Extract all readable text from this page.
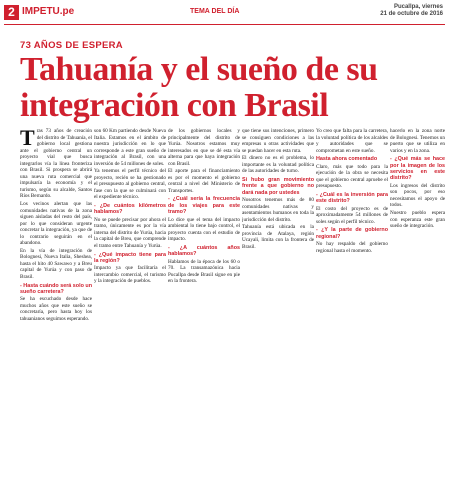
2 IMPETU.pe	TEMA DEL DÍA
Pucallpa, viernes
21 de octubre de 2016
73 AÑOS DE ESPERA
Tahuanía y el sueño de su integración con Brasil

Tras 73 años de creación del distrito de Tahuanía, el gobierno local gestiona ante el gobierno central un proyecto vial que busca integrarlos vía la línea fronteriza con Brasil. Si prospera se abrirá una nueva ruta comercial que impulsaría la economía y el turismo, según su alcalde, Santos Ríos Bernardo.

Los vecinos alertan que las comunidades nativas de la zona siguen aisladas del resto del país, por lo que consideran urgente concretar la integración, ya que de lo contrario seguirán en el abandono.

En la vía de integración de Bolognesi, Nueva Italia, Sheshea, hasta el hito 40 Sawawo y a Breu capital de Yurúa y con paso de Brasil.

- Hasta cuándo será solo un sueño carretera?

Se ha escuchado desde hace muchos años que este sueño se concretaría, pero hasta hoy los tahuanianos seguimos esperando.

son 60 Km partiendo desde Nueva Italia. Estamos en el ámbito de nuestra jurisdicción en lo que corresponde a este gran sueño de integración al Brasil, con una inversión de 54 millones de soles.

Ya tenemos el perfil técnico del proyecto, recién se ha gestionado el presupuesto al gobierno central, fase con la que se culminará con el expediente técnico.

- ¿De cuántos kilómetros hablamos?

No se puede precisar por ahora el tramo, únicamente es por la vía interna del distrito de Yurúa, hacia la capital de Breu, que comprende el tramo entre Tahuanía y Yurúa.

- ¿Qué impacto tiene para la región?

Impacto ya que facilitaría el intercambio comercial, el turismo y la integración de pueblos.

de los gobiernos locales y principalmente del distrito de Yurúa. Nosotros estamos muy interesados en que se dé esta vía alterna para que haya integración con Brasil.

El aporte para el financiamiento es por el momento el gobierno central a nivel del Ministerio de Transportes.

- ¿Cuál sería la frecuencia de los viajes para este tramo?

Lo dice que el tema del impacto ambiental lo tiene bajo control, el proyecto cuenta con el estudio de impacto.

- ¿A cuántos años hablamos?

Hablamos de la época de los 60 o 70. La transamazónica hacia Pucallpa desde Brasil sigue en pie en la frontera.

que tiene sus intenciones, primero se consiguen condiciones a las empresas u otras actividades que se puedan hacer en esta ruta.

El dinero no es el problema, lo importante es la voluntad política de las autoridades de turno.

Si hubo gran movimiento frente a que gobierno no dará nada por ustedes

Nosotros tenemos más de 80 comunidades nativas y asentamientos humanos en toda la jurisdicción del distrito.

Tahuanía está ubicada en la provincia de Atalaya, región Ucayali, limita con la frontera de Brasil.

Yo creo que falta para la carretera, la voluntad política de los alcaldes y autoridades que se comprometan en este sueño.

Hasta ahora comentado

Claro, más que todo para la ejecución de la obra se necesita que el gobierno central apruebe el presupuesto.

- ¿Cuál es la inversión para este distrito?

El costo del proyecto es de aproximadamente 54 millones de soles según el perfil técnico.

- ¿Y la parte de gobierno regional?

No hay respaldo del gobierno regional hasta el momento.

hacerlo en la zona norte de Bolognesi. Tenemos un puerto que se utiliza en varios y en la zona.

- ¿Qué más se hace por la imagen de los servicios en este distrito?

Los ingresos del distrito son pocos, por eso necesitamos el apoyo de todos.

Nuestro pueblo espera con esperanza este gran sueño de integración.
